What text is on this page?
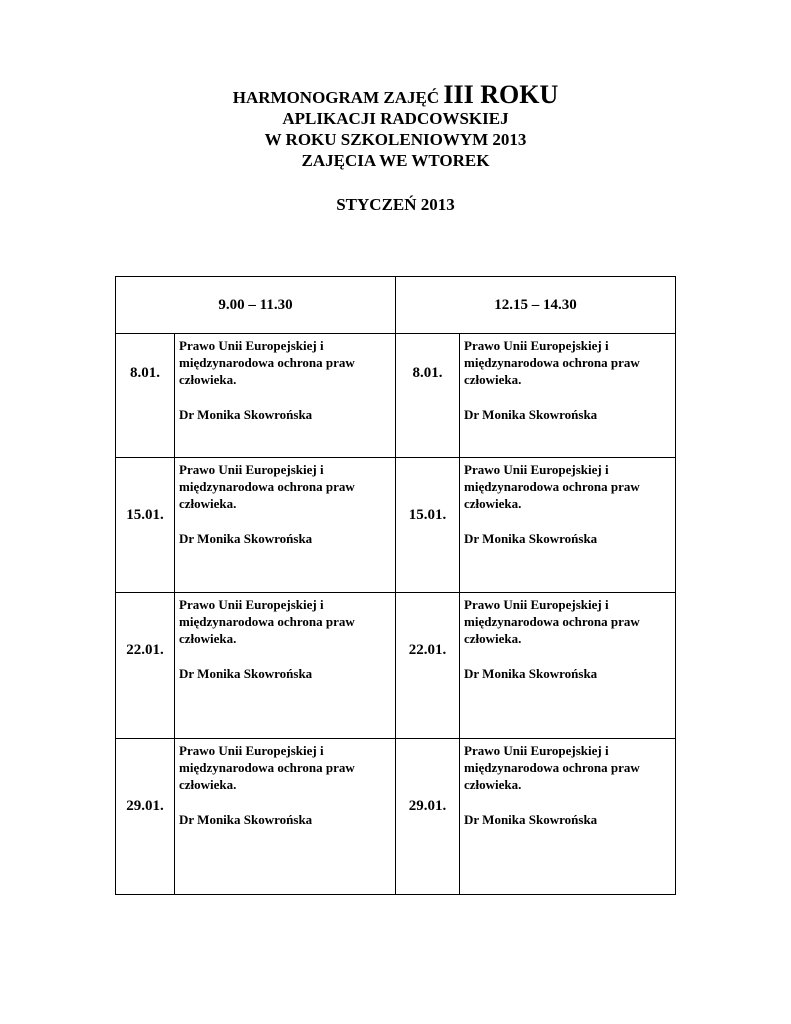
HARMONOGRAM ZAJĘĆ III ROKU
APLIKACJI RADCOWSKIEJ
W ROKU SZKOLENIOWYM 2013
ZAJĘCIA WE WTOREK
STYCZEŃ 2013
9.00 – 11.30		12.15 – 14.30	

8.01.	Prawo Unii Europejskiej i
międzynarodowa ochrona praw
człowieka.
Dr Monika Skowrońska	8.01.	Prawo Unii Europejskiej i
międzynarodowa ochrona praw
człowieka.
Dr Monika Skowrońska

15.01.	Prawo Unii Europejskiej i
międzynarodowa ochrona praw
człowieka.
Dr Monika Skowrońska	15.01.	Prawo Unii Europejskiej i
międzynarodowa ochrona praw
człowieka.
Dr Monika Skowrońska

22.01.	Prawo Unii Europejskiej i
międzynarodowa ochrona praw
człowieka.
Dr Monika Skowrońska	22.01.	Prawo Unii Europejskiej i
międzynarodowa ochrona praw
człowieka.
Dr Monika Skowrońska

29.01.	Prawo Unii Europejskiej i
międzynarodowa ochrona praw
człowieka.
Dr Monika Skowrońska	29.01.	Prawo Unii Europejskiej i
międzynarodowa ochrona praw
człowieka.
Dr Monika Skowrońska
